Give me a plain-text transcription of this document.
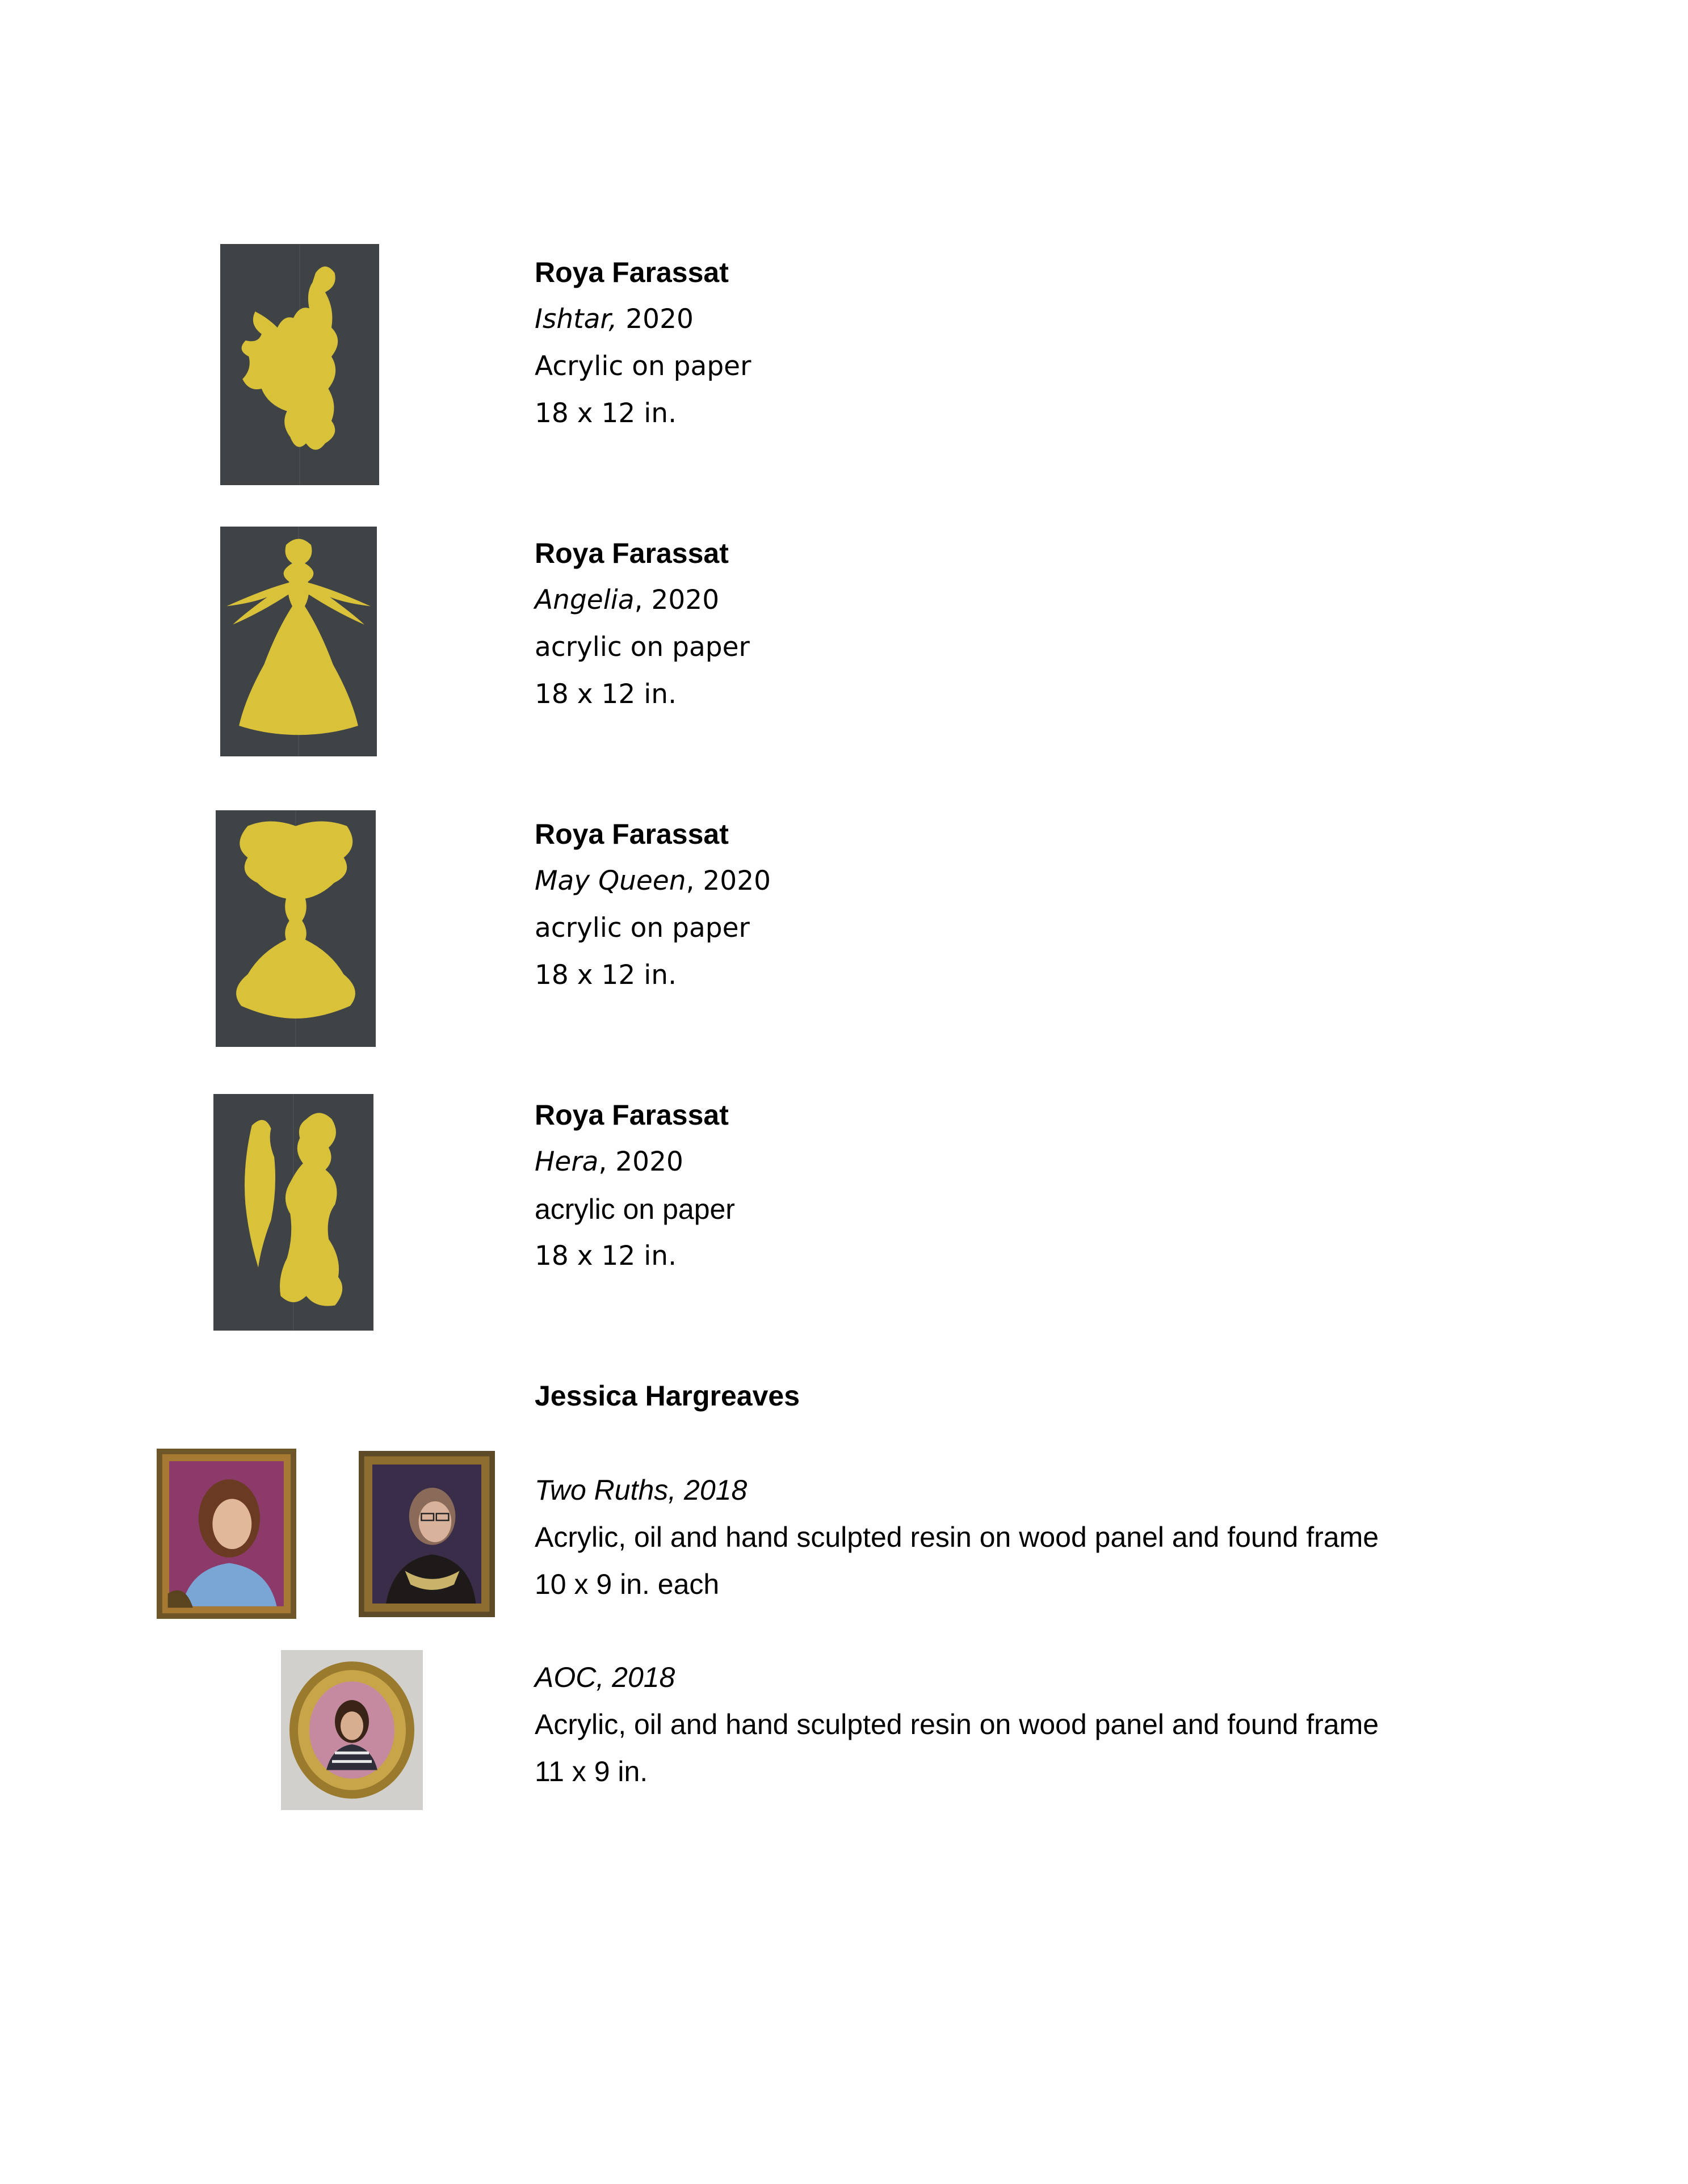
Roya Farassat
Ishtar, 2020
Acrylic on paper
18 x 12 in.
Roya Farassat
Angelia, 2020
acrylic on paper
18 x 12 in.
Roya Farassat
May Queen, 2020
acrylic on paper
18 x 12 in.
Roya Farassat
Hera, 2020
acrylic on paper
18 x 12 in.
Jessica Hargreaves
Two Ruths, 2018
Acrylic, oil and hand sculpted resin on wood panel and found frame
10 x 9 in. each
AOC, 2018
Acrylic, oil and hand sculpted resin on wood panel and found frame
11 x 9 in.
